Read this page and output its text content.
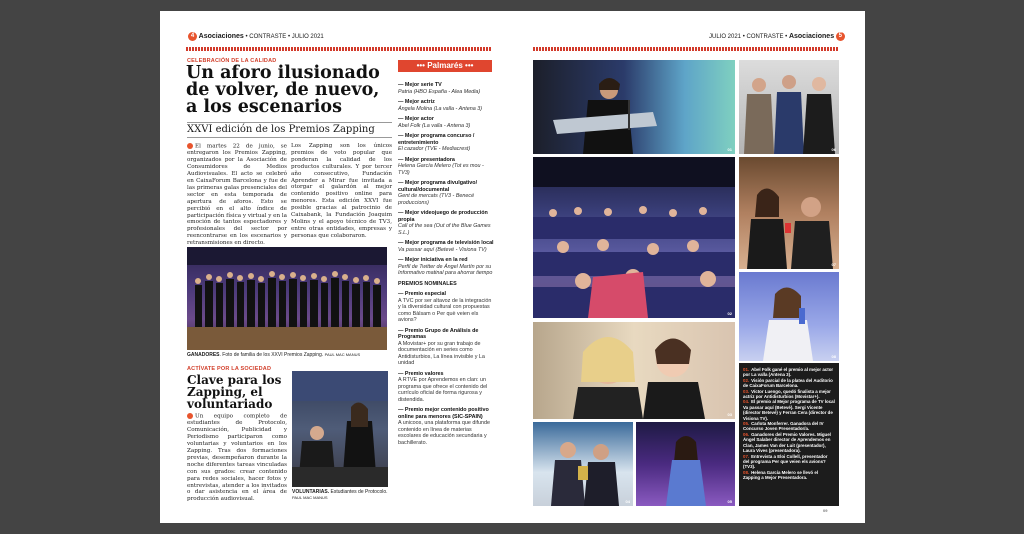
4 Asociaciones • CONTRASTE • JULIO 2021	JULIO 2021 • CONTRASTE • Asociaciones 5
CELEBRACIÓN DE LA CALIDAD
Un aforo ilusionado de volver, de nuevo, a los escenarios
XXVI edición de los Premios Zapping
El martes 22 de junio, se entregaron los Premios Zapping, organizados por la Asociación de Consumidores de Medios Audiovisuales. El acto se celebró en CaixaForum Barcelona y fue de las primeras galas presenciales del sector en esta temporada de apertura de aforos. Esto se percibió en el alto índice de participación física y virtual y en la emoción de tantos espectadores y profesionales del sector por reencontrarse en los escenarios y retransmisiones en directo.
Los Zapping son los únicos premios de voto popular que ponderan la calidad de los productos culturales. Y por tercer año consecutivo, Fundación Aprender a Mirar fue invitada a otorgar el galardón al mejor contenido positivo online para menores. Esta edición XXVI fue posible gracias al patrocinio de Caixabank, la Fundación Joaquim Molins y el apoyo técnico de TV3, entre otras entidades, empresas y personas que colaboraron.
GANADORES. Foto de familia de los XXVI Premios Zapping. PAUL MAC MANUS
ACTÍVATE POR LA SOCIEDAD
Clave para los Zapping, el voluntariado
Un equipo completo de estudiantes de Protocolo, Comunicación, Publicidad y Periodismo participaron como voluntarias y voluntarios en los Zapping. Tras dos formaciones previas, desempeñaron durante la noche diferentes tareas vinculadas con sus grados: crear contenido para redes sociales, hacer fotos y entrevistas, atender a los invitados o dar asistencia en el área de producción audiovisual.
VOLUNTARIAS. Estudiantes de Protocolo. PAUL MAC MANUS
••• Palmarés •••
— Mejor serie TV
Patria (HBO España - Alea Media)
— Mejor actriz
Ángela Molina (La valla - Antena 3)
— Mejor actor
Abel Folk (La valla - Antena 3)
— Mejor programa concurso / entretenimiento
El cazador (TVE - Mediacrest)
— Mejor presentadora
Helena García Melero (Tot es mou - TV3)
— Mejor programa divulgativo/ cultural/documental
Gent de mercats (TV3 - Benecé produccions)
— Mejor videojuego de producción propia
Call of the sea (Out of the Blue Games S.L.)
— Mejor programa de televisión local
Va passar aquí (Betevé - Visiona TV)
— Mejor iniciativa en la red
Perfil de Twitter de Ángel Martín por su Informativo matinal para ahorrar tiempo
PREMIOS NOMINALES
— Premio especial
A TVC por ser altavoz de la integración y la diversidad cultural con propuestas como Bàlsam o Per què veien els avions?
— Premio Grupo de Análisis de Programas
A Movistar+ por su gran trabajo de documentación en series como Antidisturbios, La línea invisible y La unidad
— Premio valores
A RTVE por Aprendemos en clan: un programa que ofrece el contenido del currículo oficial de forma rigurosa y distendida.
— Premio mejor contenido positivo online para menores (SIC-SPAIN)
A unicoos, una plataforma que difunde contenido en línea de materias escolares de educación secundaria y bachillerato.
01
02
03
04	05
06
07
08
01. Abel Folk gané el premio al mejor actor por La valla (Antena 3).
02. Visión parcial de la platea del Auditorio de CaixaForum Barcelona.
03. Víctor Luengo, quedó finalista a mejor actriz por Antidisturbios (Movistar+).
04. El premio al Mejor programa de TV local Va passar aquí (Betevé). Sergi Vicente (director Betevé) y Ferran Cera (director de Visiona TV).
05. Carlota Monferrer. Ganadora del IV Concurso Joven Presentador/a.
06. Ganadores del Premio Valores. Miguel Ángel Salaber director de Aprendemos en Clan, James Van der Luit (presentador), Laura Vives (presentadora).
07. Entrevista a Eloi Collell, presentador del programa Per que veien els avions? (TV3).
08. Helena García Melero se llevó el Zapping a Mejor Presentadora.
09
